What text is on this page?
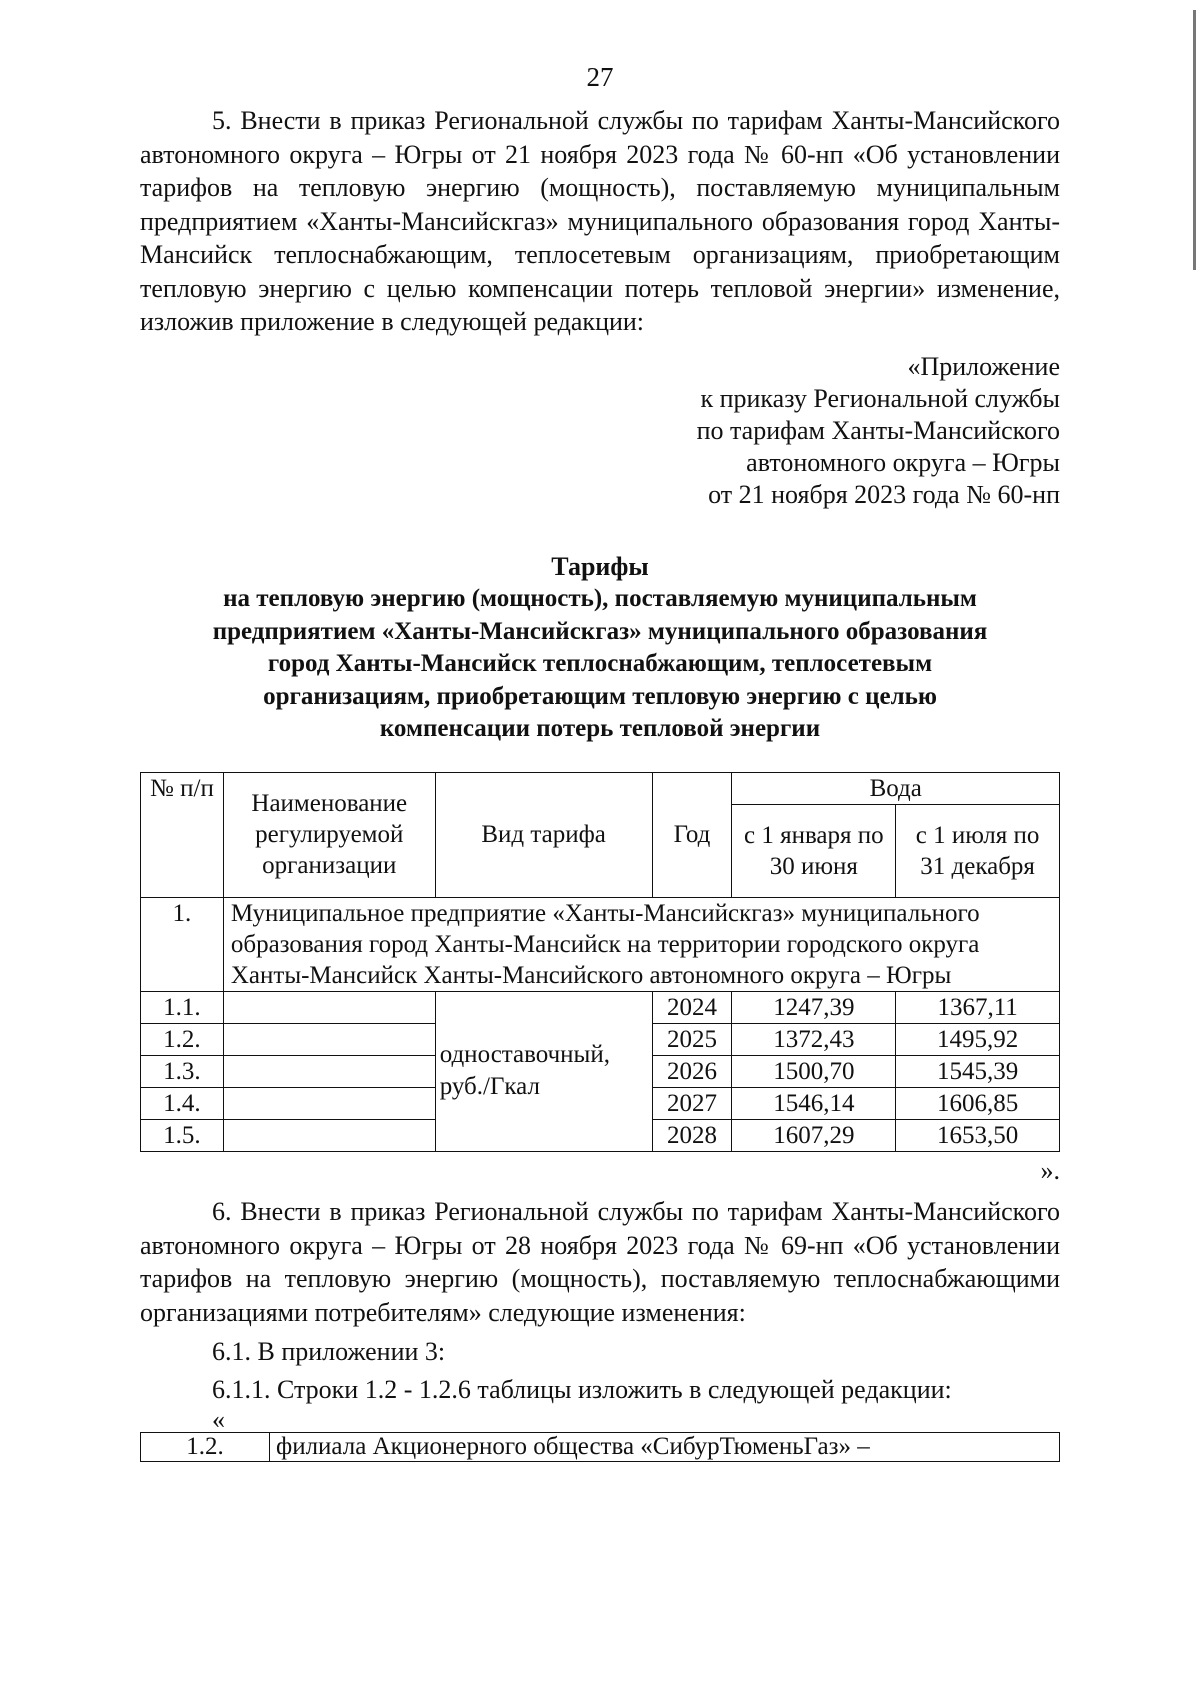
27

5. Внести в приказ Региональной службы по тарифам Ханты-Мансийского автономного округа – Югры от 21 ноября 2023 года № 60-нп «Об установлении тарифов на тепловую энергию (мощность), поставляемую муниципальным предприятием «Ханты-Мансийскгаз» муниципального образования город Ханты-Мансийск теплоснабжающим, теплосетевым организациям, приобретающим тепловую энергию с целью компенсации потерь тепловой энергии» изменение, изложив приложение в следующей редакции:

«Приложение
к приказу Региональной службы
по тарифам Ханты-Мансийского
автономного округа – Югры
от 21 ноября 2023 года № 60-нп
Тарифы
на тепловую энергию (мощность), поставляемую муниципальным
предприятием «Ханты-Мансийскгаз» муниципального образования
город Ханты-Мансийск теплоснабжающим, теплосетевым
организациям, приобретающим тепловую энергию с целью
компенсации потерь тепловой энергии
№ п/п	Наименование регулируемой организации	Вид тарифа	Год	Вода	
				с 1 января по 30 июня	с 1 июля по 31 декабря
1.	Муниципальное предприятие «Ханты-Мансийскгаз» муниципального образования город Ханты-Мансийск на территории городского округа Ханты-Мансийск Ханты-Мансийского автономного округа – Югры				
1.1.		одноставочный, руб./Гкал	2024	1247,39	1367,11
1.2.			2025	1372,43	1495,92
1.3.			2026	1500,70	1545,39
1.4.			2027	1546,14	1606,85
1.5.			2028	1607,29	1653,50
».

6. Внести в приказ Региональной службы по тарифам Ханты-Мансийского автономного округа – Югры от 28 ноября 2023 года № 69-нп «Об установлении тарифов на тепловую энергию (мощность), поставляемую теплоснабжающими организациями потребителям» следующие изменения:

6.1. В приложении 3:

6.1.1. Строки 1.2 - 1.2.6 таблицы изложить в следующей редакции:

«

1.2.	филиала Акционерного общества «СибурТюменьГаз» –
